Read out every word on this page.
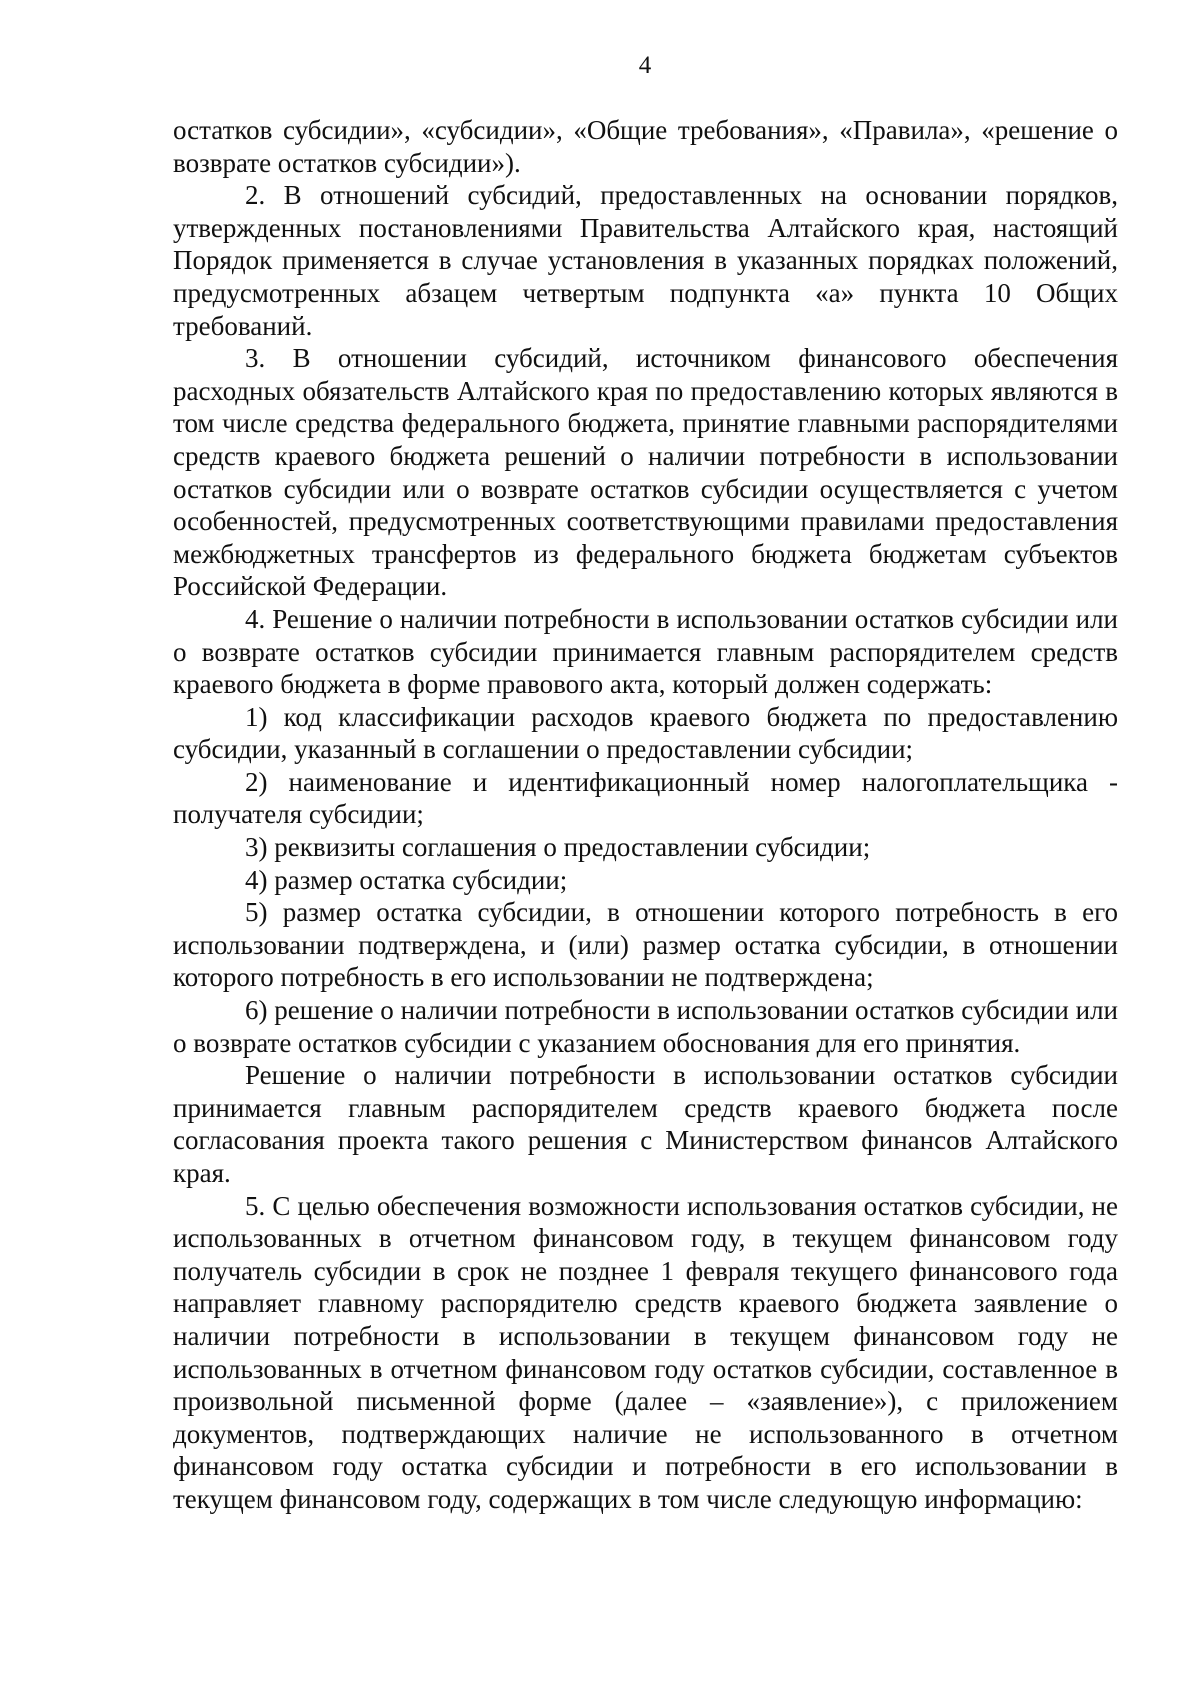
4

остатков субсидии», «субсидии», «Общие требования», «Правила», «решение о возврате остатков субсидии»).

2. В отношений субсидий, предоставленных на основании порядков, утвержденных постановлениями Правительства Алтайского края, настоящий Порядок применяется в случае установления в указанных порядках положений, предусмотренных абзацем четвертым подпункта «а» пункта 10 Общих требований.

3. В отношении субсидий, источником финансового обеспечения расходных обязательств Алтайского края по предоставлению которых являются в том числе средства федерального бюджета, принятие главными распорядителями средств краевого бюджета решений о наличии потребности в использовании остатков субсидии или о возврате остатков субсидии осуществляется с учетом особенностей, предусмотренных соответствующими правилами предоставления межбюджетных трансфертов из федерального бюджета бюджетам субъектов Российской Федерации.

4. Решение о наличии потребности в использовании остатков субсидии или о возврате остатков субсидии принимается главным распорядителем средств краевого бюджета в форме правового акта, который должен содержать:

1) код классификации расходов краевого бюджета по предоставлению субсидии, указанный в соглашении о предоставлении субсидии;

2) наименование и идентификационный номер налогоплательщика - получателя субсидии;

3) реквизиты соглашения о предоставлении субсидии;

4) размер остатка субсидии;

5) размер остатка субсидии, в отношении которого потребность в его использовании подтверждена, и (или) размер остатка субсидии, в отношении которого потребность в его использовании не подтверждена;

6) решение о наличии потребности в использовании остатков субсидии или о возврате остатков субсидии с указанием обоснования для его принятия.

Решение о наличии потребности в использовании остатков субсидии принимается главным распорядителем средств краевого бюджета после согласования проекта такого решения с Министерством финансов Алтайского края.

5. С целью обеспечения возможности использования остатков субсидии, не использованных в отчетном финансовом году, в текущем финансовом году получатель субсидии в срок не позднее 1 февраля текущего финансового года направляет главному распорядителю средств краевого бюджета заявление о наличии потребности в использовании в текущем финансовом году не использованных в отчетном финансовом году остатков субсидии, составленное в произвольной письменной форме (далее – «заявление»), с приложением документов, подтверждающих наличие не использованного в отчетном финансовом году остатка субсидии и потребности в его использовании в текущем финансовом году, содержащих в том числе следующую информацию:
